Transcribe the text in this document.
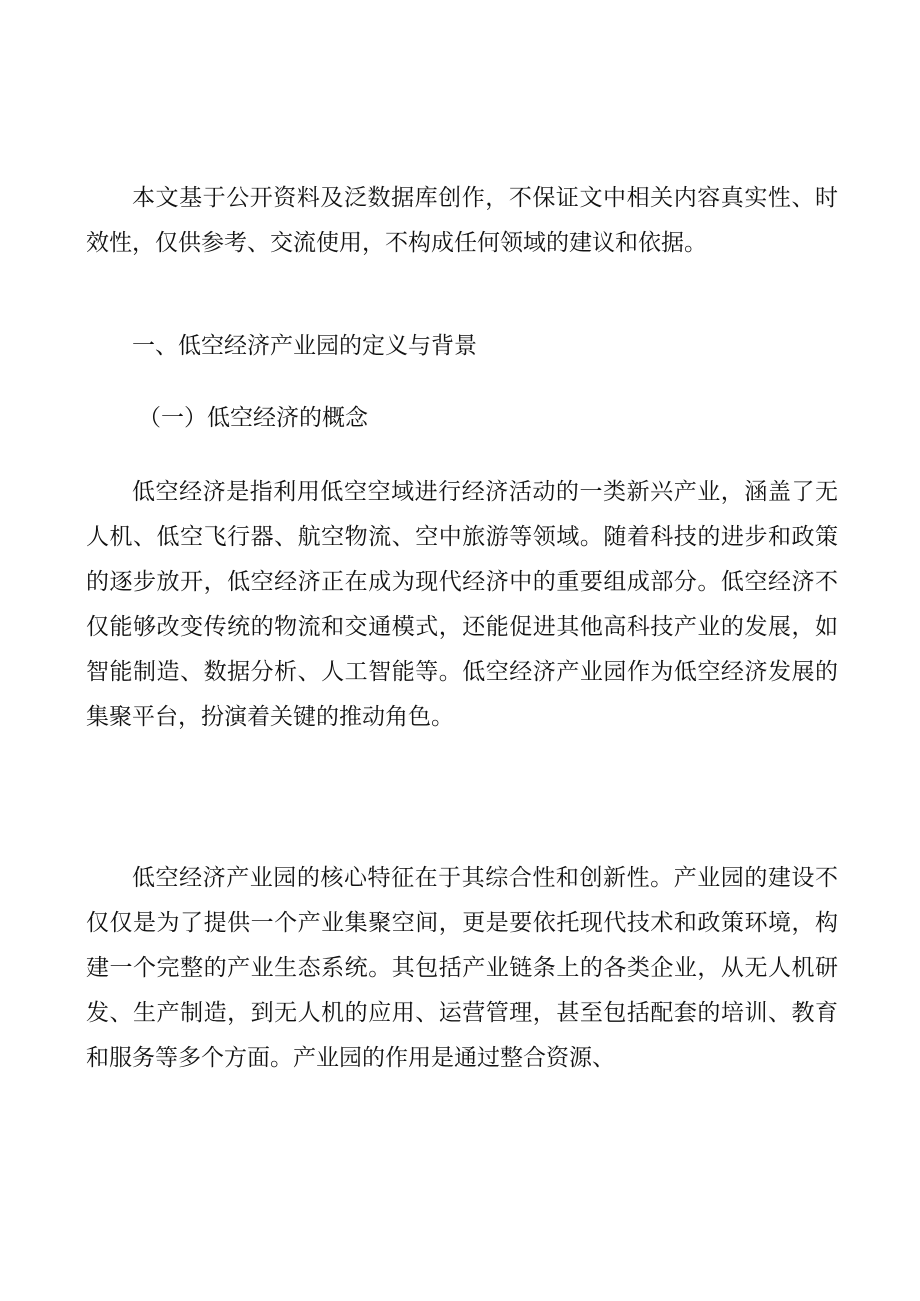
本文基于公开资料及泛数据库创作，不保证文中相关内容真实性、时效性，仅供参考、交流使用，不构成任何领域的建议和依据。

一、低空经济产业园的定义与背景
（一）低空经济的概念

低空经济是指利用低空空域进行经济活动的一类新兴产业，涵盖了无人机、低空飞行器、航空物流、空中旅游等领域。随着科技的进步和政策的逐步放开，低空经济正在成为现代经济中的重要组成部分。低空经济不仅能够改变传统的物流和交通模式，还能促进其他高科技产业的发展，如智能制造、数据分析、人工智能等。低空经济产业园作为低空经济发展的集聚平台，扮演着关键的推动角色。

低空经济产业园的核心特征在于其综合性和创新性。产业园的建设不仅仅是为了提供一个产业集聚空间，更是要依托现代技术和政策环境，构建一个完整的产业生态系统。其包括产业链条上的各类企业，从无人机研发、生产制造，到无人机的应用、运营管理，甚至包括配套的培训、教育和服务等多个方面。产业园的作用是通过整合资源、
